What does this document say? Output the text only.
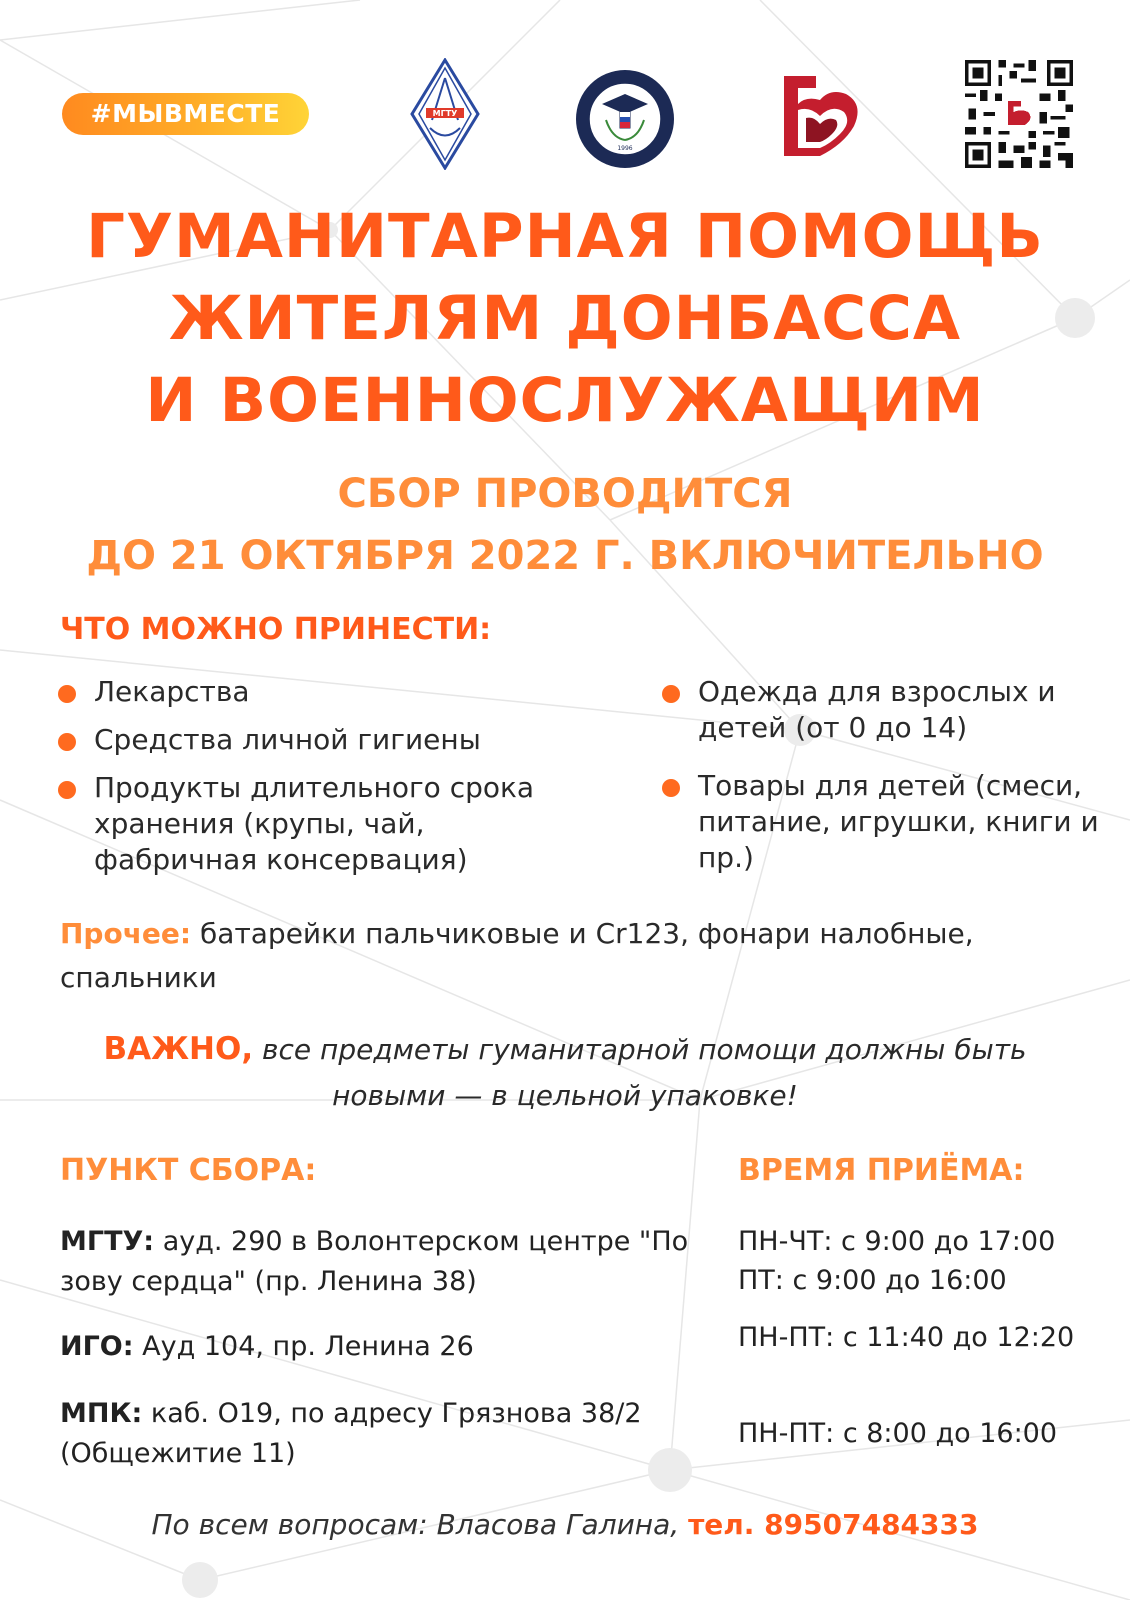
#МЫВМЕСТЕ	МГТУ
1996
ГУМАНИТАРНАЯ ПОМОЩЬ
ЖИТЕЛЯМ ДОНБАССА
И ВОЕННОСЛУЖАЩИМ
СБОР ПРОВОДИТСЯ
ДО 21 ОКТЯБРЯ 2022 Г. ВКЛЮЧИТЕЛЬНО
ЧТО МОЖНО ПРИНЕСТИ:
Лекарства
Средства личной гигиены
Продукты длительного срока хранения (крупы, чай, фабричная консервация)
Одежда для взрослых и детей (от 0 до 14)
Товары для детей (смеси, питание, игрушки, книги и пр.)
Прочее: батарейки пальчиковые и Cr123, фонари налобные, спальники
ВАЖНО, все предметы гуманитарной помощи должны быть новыми — в цельной упаковке!
ПУНКТ СБОРА:	ВРЕМЯ ПРИЁМА:
МГТУ: ауд. 290 в Волонтерском центре "По зову сердца" (пр. Ленина 38)
ИГО: Ауд 104, пр. Ленина 26
МПК: каб. О19, по адресу Грязнова 38/2 (Общежитие 11)
ПН-ЧТ: с 9:00 до 17:00
ПТ: с 9:00 до 16:00
ПН-ПТ: с 11:40 до 12:20
ПН-ПТ: с 8:00 до 16:00
По всем вопросам: Власова Галина, тел. 89507484333
